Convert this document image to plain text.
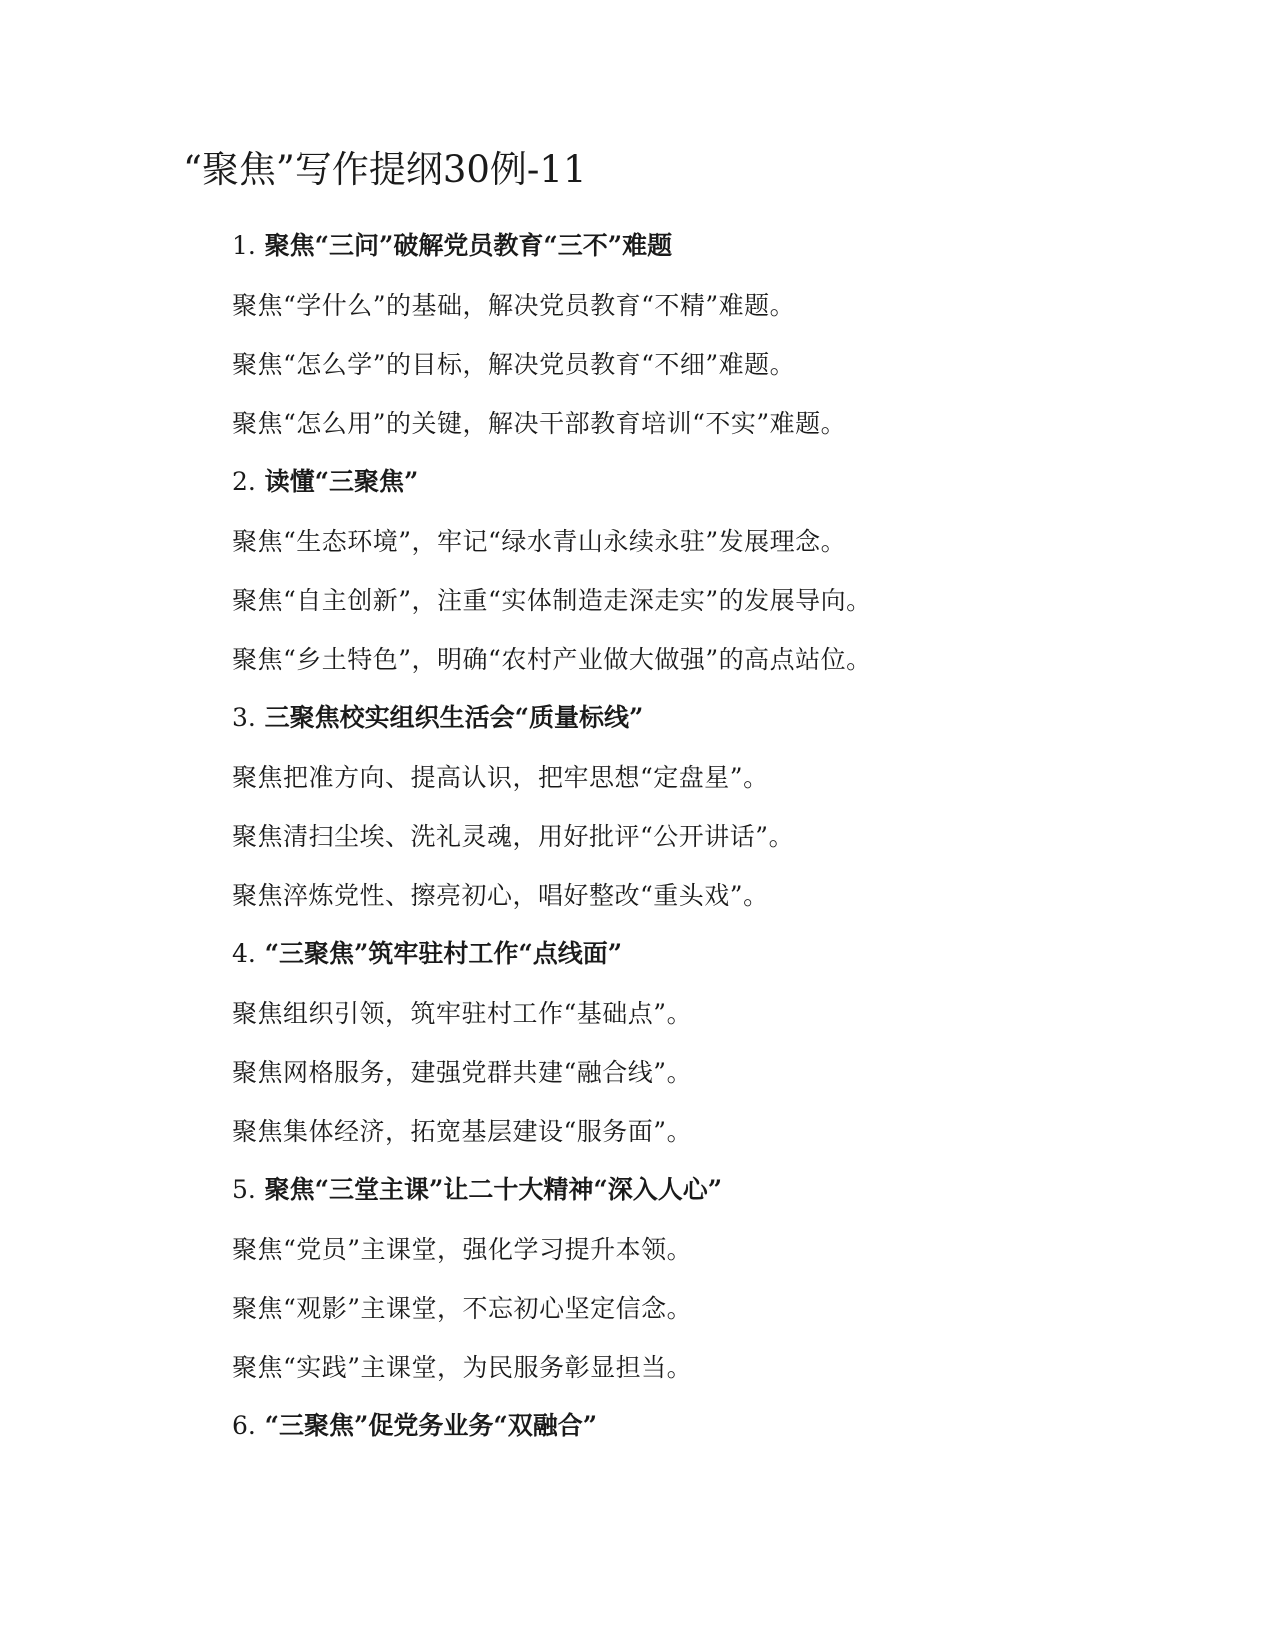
“聚焦”写作提纲30例-11

1. 聚焦“三问”破解党员教育“三不”难题

聚焦“学什么”的基础，解决党员教育“不精”难题。

聚焦“怎么学”的目标，解决党员教育“不细”难题。

聚焦“怎么用”的关键，解决干部教育培训“不实”难题。

2. 读懂“三聚焦”

聚焦“生态环境”，牢记“绿水青山永续永驻”发展理念。

聚焦“自主创新”，注重“实体制造走深走实”的发展导向。

聚焦“乡土特色”，明确“农村产业做大做强”的高点站位。

3. 三聚焦校实组织生活会“质量标线”

聚焦把准方向、提高认识，把牢思想“定盘星”。

聚焦清扫尘埃、洗礼灵魂，用好批评“公开讲话”。

聚焦淬炼党性、擦亮初心，唱好整改“重头戏”。

4. “三聚焦”筑牢驻村工作“点线面”

聚焦组织引领，筑牢驻村工作“基础点”。

聚焦网格服务，建强党群共建“融合线”。

聚焦集体经济，拓宽基层建设“服务面”。

5. 聚焦“三堂主课”让二十大精神“深入人心”

聚焦“党员”主课堂，强化学习提升本领。

聚焦“观影”主课堂，不忘初心坚定信念。

聚焦“实践”主课堂，为民服务彰显担当。

6. “三聚焦”促党务业务“双融合”
